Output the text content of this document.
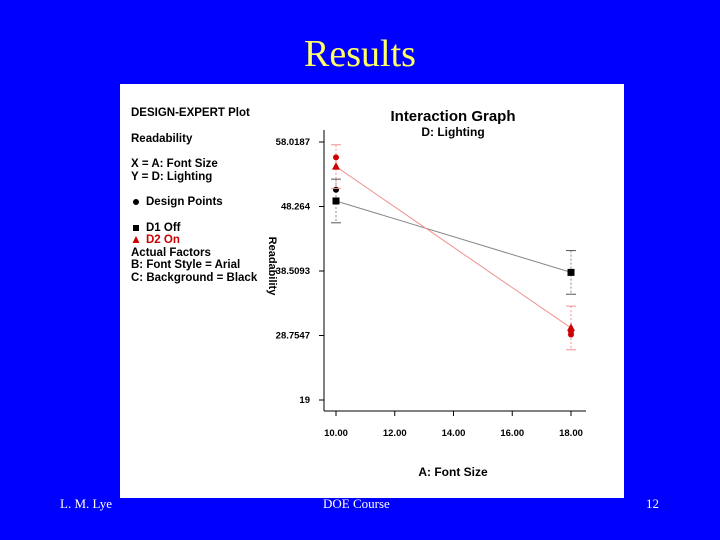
Results
DESIGN-EXPERT Plot
Readability
X = A: Font Size
Y = D: Lighting
Design Points
D1 Off
D2 On
Actual Factors
B: Font Style = Arial
C: Background = Black
Interaction Graph
D: Lighting
A: Font Size
Readability
10.00	12.00	14.00	16.00	18.00
19
28.7547
38.5093
48.264
58.0187
L. M. Lye	DOE Course	12
